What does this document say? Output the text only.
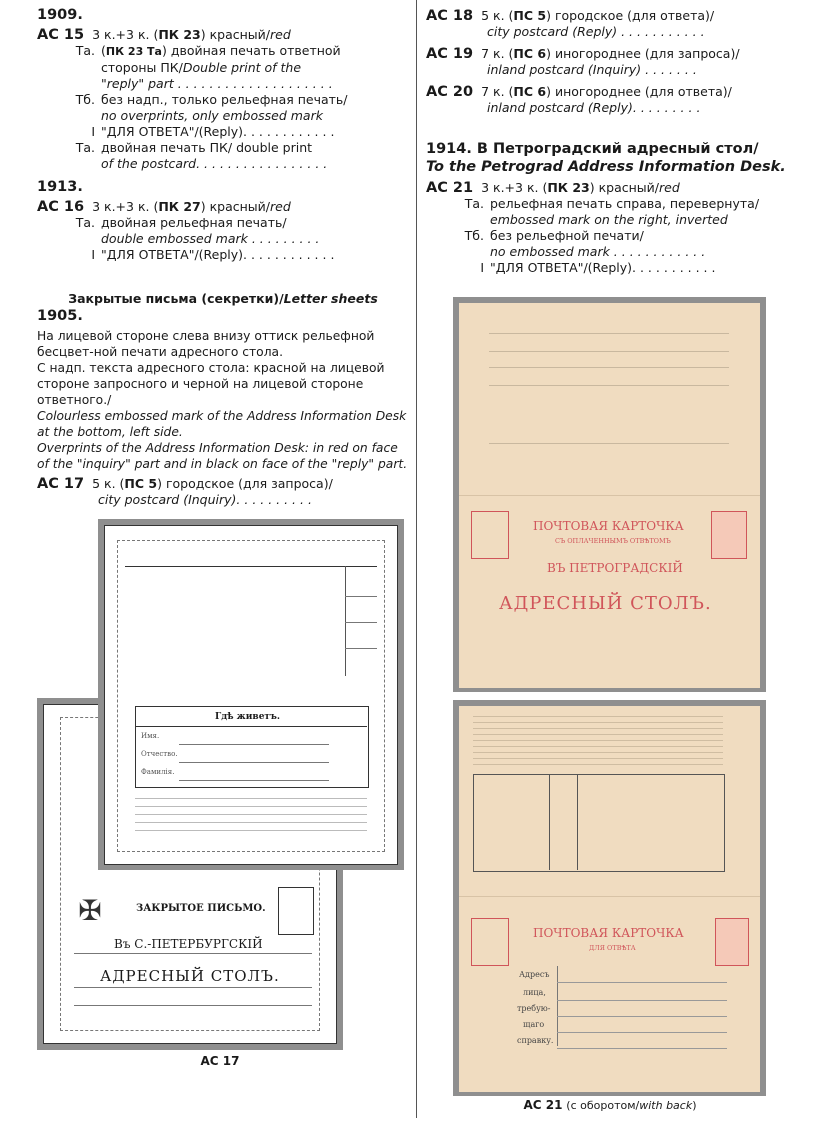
1909.
АС 15 3 к.+3 к. (ПК 23) красный/red
Та. (ПК 23 Та) двойная печать ответной
стороны ПК/Double print of the
"reply" part . . . . . . . . . . . . . . . . . . . .
Тб. без надп., только рельефная печать/
no overprints, only embossed mark
I "ДЛЯ ОТВЕТА"/(Reply). . . . . . . . . . . .
Та. двойная печать ПК/ double print
of the postcard. . . . . . . . . . . . . . . . .
1913.
АС 16 3 к.+3 к. (ПК 27) красный/red
Та. двойная рельефная печать/
double embossed mark . . . . . . . . .
I "ДЛЯ ОТВЕТА"/(Reply). . . . . . . . . . . .
Закрытые письма (секретки)/Letter sheets
1905.
На лицевой стороне слева внизу оттиск рельефной бесцвет-ной печати адресного стола.
С надп. текста адресного стола: красной на лицевой стороне запросного и черной на лицевой стороне ответного./
Colourless embossed mark of the Address Information Desk at the bottom, left side.
Overprints of the Address Information Desk: in red on face of the "inquiry" part and in black on face of the "reply" part.
АС 17 5 к. (ПС 5) городское (для запроса)/
city postcard (Inquiry). . . . . . . . . .
АС 18 5 к. (ПС 5) городское (для ответа)/
city postcard (Reply) . . . . . . . . . . .
АС 19 7 к. (ПС 6) иногороднее (для запроса)/
inland postcard (Inquiry) . . . . . . .
АС 20 7 к. (ПС 6) иногороднее (для ответа)/
inland postcard (Reply). . . . . . . . .
1914. В Петроградский адресный стол/
To the Petrograd Address Information Desk.
АС 21 3 к.+3 к. (ПК 23) красный/red
Та. рельефная печать справа, перевернута/
embossed mark on the right, inverted
Тб. без рельефной печати/
no embossed mark . . . . . . . . . . . .
I "ДЛЯ ОТВЕТА"/(Reply). . . . . . . . . . .
✠	ЗАКРЫТОЕ ПИСЬМО.
Въ С.-ПЕТЕРБУРГСКІЙ
АДРЕСНЫЙ СТОЛЪ.
Гдѣ живетъ.
Имя.
Отчество.
Фамилія.
АС 17
ПОЧТОВАЯ КАРТОЧКА
СЪ ОПЛАЧЕННЫМЪ ОТВѢТОМЪ
ВЪ ПЕТРОГРАДСКІЙ
АДРЕСНЫЙ СТОЛЪ.
ПОЧТОВАЯ КАРТОЧКА
ДЛЯ ОТВѢТА
Адресъ
лица,
требую-
щаго
справку.
АС 21 (с оборотом/with back)
